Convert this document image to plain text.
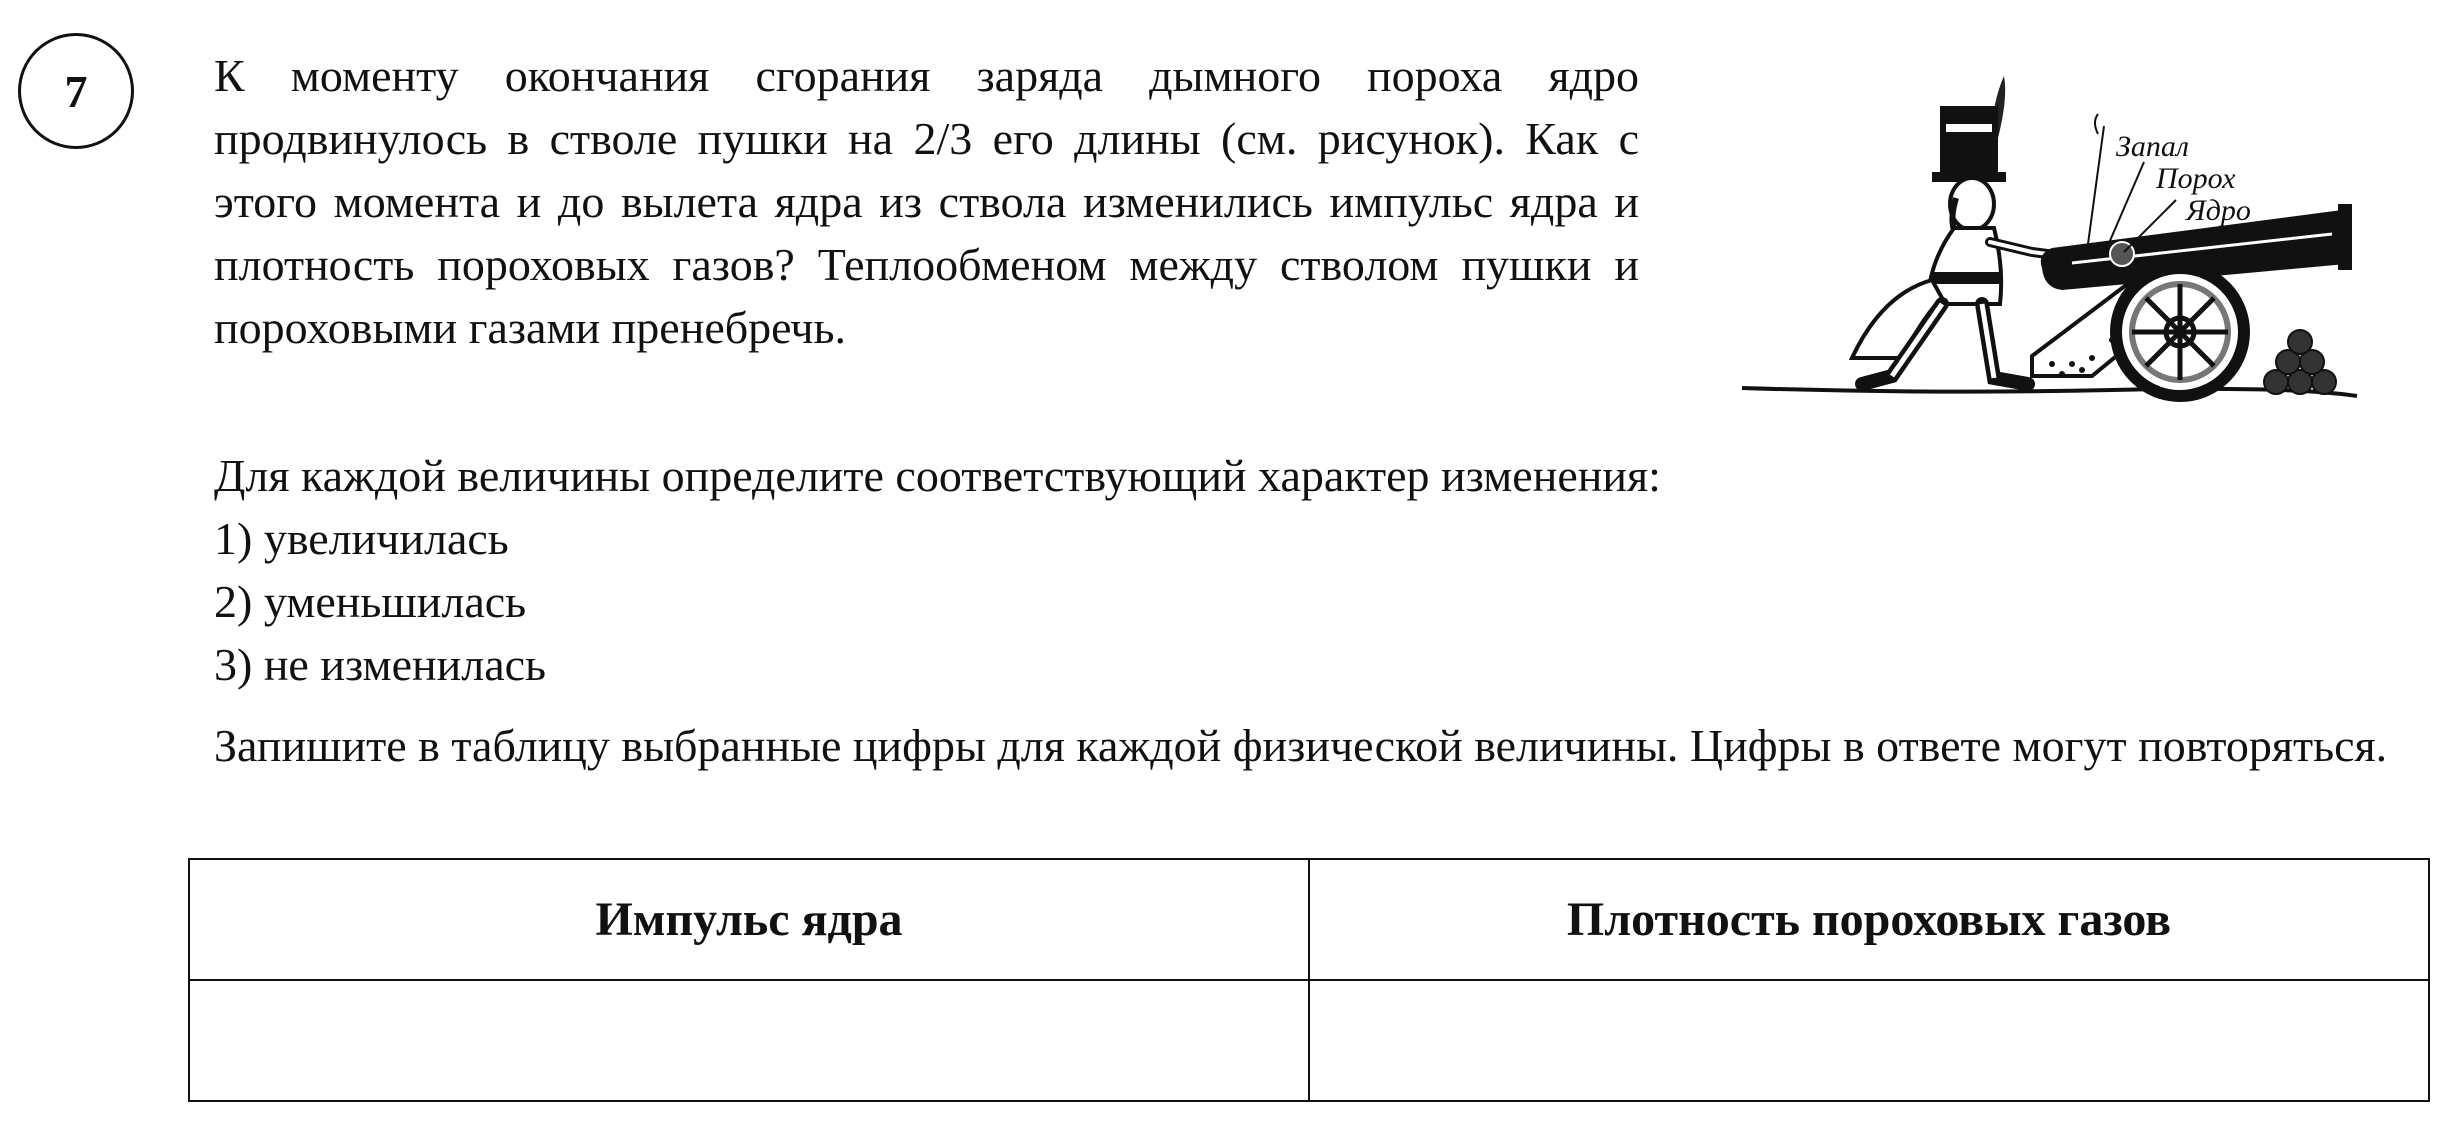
7	К моменту окончания сгорания заряда дымного пороха ядро продвинулось в стволе пушки на 2/3 его длины (см. рисунок). Как с этого момента и до вылета ядра из ствола изменились импульс ядра и плотность пороховых газов? Теплообменом между стволом пушки и пороховыми газами пренебречь.

Запал
Порох
Ядро

Для каждой величины определите соответствующий характер изменения:

1) увеличилась

2) уменьшилась

3) не изменилась

Запишите в таблицу выбранные цифры для каждой физической величины. Цифры в ответе могут повторяться.

Импульс ядра	Плотность пороховых газов
